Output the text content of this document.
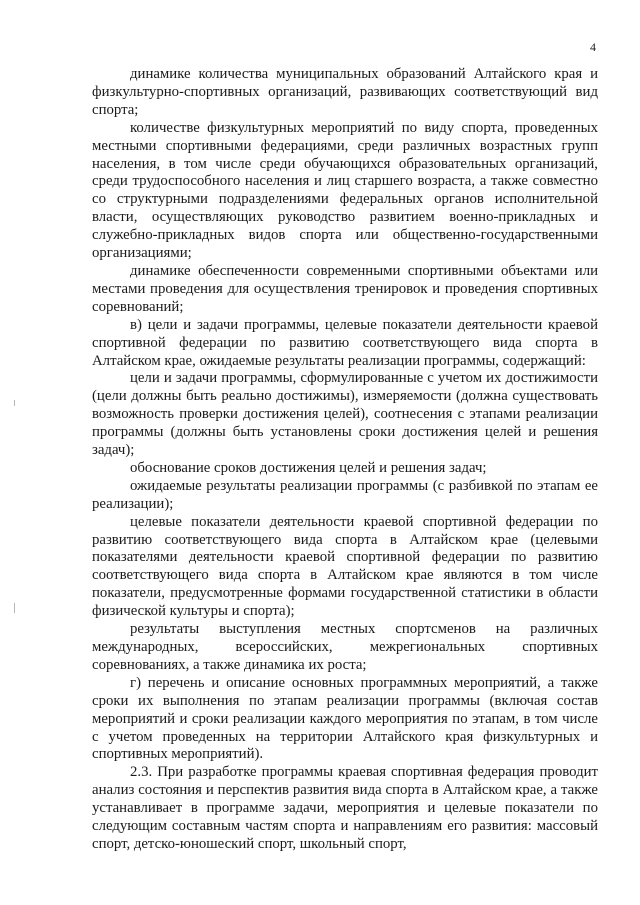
4

динамике количества муниципальных образований Алтайского края и физкультурно-спортивных организаций, развивающих соответствующий вид спорта;

количестве физкультурных мероприятий по виду спорта, проведенных местными спортивными федерациями, среди различных возрастных групп населения, в том числе среди обучающихся образовательных организаций, среди трудоспособного населения и лиц старшего возраста, а также совместно со структурными подразделениями федеральных органов исполнительной власти, осуществляющих руководство развитием военно-прикладных и служебно-прикладных видов спорта или общественно-государственными организациями;

динамике обеспеченности современными спортивными объектами или местами проведения для осуществления тренировок и проведения спортивных соревнований;

в) цели и задачи программы, целевые показатели деятельности краевой спортивной федерации по развитию соответствующего вида спорта в Алтайском крае, ожидаемые результаты реализации программы, содержащий:

цели и задачи программы, сформулированные с учетом их достижимости (цели должны быть реально достижимы), измеряемости (должна существовать возможность проверки достижения целей), соотнесения с этапами реализации программы (должны быть установлены сроки достижения целей и решения задач);

обоснование сроков достижения целей и решения задач;

ожидаемые результаты реализации программы (с разбивкой по этапам ее реализации);

целевые показатели деятельности краевой спортивной федерации по развитию соответствующего вида спорта в Алтайском крае (целевыми показателями деятельности краевой спортивной федерации по развитию соответствующего вида спорта в Алтайском крае являются в том числе показатели, предусмотренные формами государственной статистики в области физической культуры и спорта);

результаты выступления местных спортсменов на различных международных, всероссийских, межрегиональных спортивных соревнованиях, а также динамика их роста;

г) перечень и описание основных программных мероприятий, а также сроки их выполнения по этапам реализации программы (включая состав мероприятий и сроки реализации каждого мероприятия по этапам, в том числе с учетом проведенных на территории Алтайского края физкультурных и спортивных мероприятий).

2.3. При разработке программы краевая спортивная федерация проводит анализ состояния и перспектив развития вида спорта в Алтайском крае, а также устанавливает в программе задачи, мероприятия и целевые показатели по следующим составным частям спорта и направлениям его развития: массовый спорт, детско-юношеский спорт, школьный спорт,
